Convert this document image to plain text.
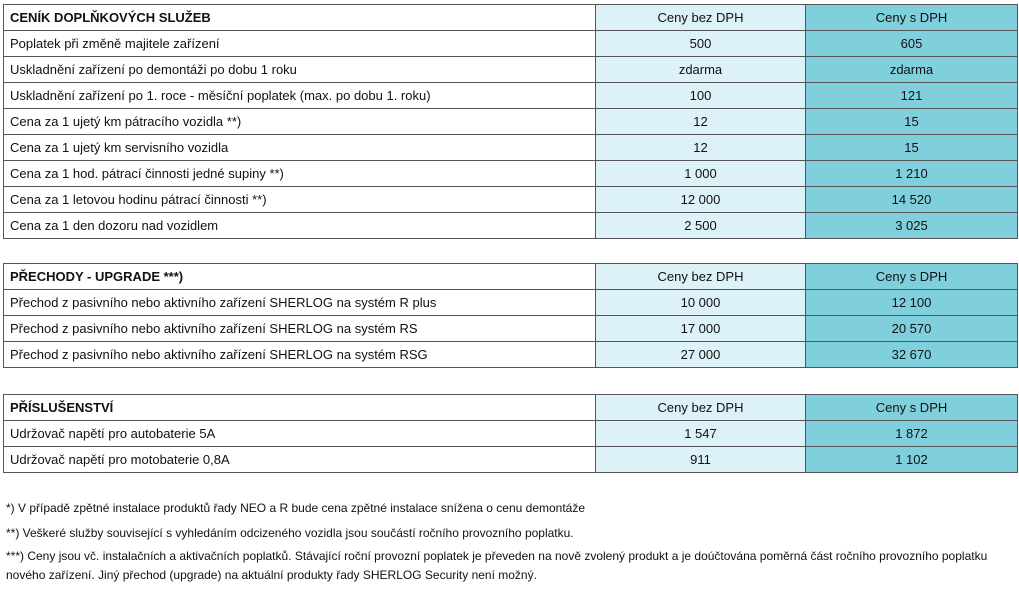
CENÍK DOPLŇKOVÝCH SLUŽEB	Ceny bez DPH	Ceny s DPH
Poplatek při změně majitele zařízení	500	605
Uskladnění zařízení po demontáži po dobu 1 roku	zdarma	zdarma
Uskladnění zařízení po 1. roce - měsíční poplatek (max. po dobu 1. roku)	100	121
Cena za 1 ujetý km pátracího vozidla **)	12	15
Cena za 1 ujetý km servisního vozidla	12	15
Cena za 1 hod. pátrací činnosti jedné supiny **)	1 000	1 210
Cena za 1 letovou hodinu pátrací činnosti **)	12 000	14 520
Cena za 1 den dozoru nad vozidlem	2 500	3 025
PŘECHODY - UPGRADE ***)	Ceny bez DPH	Ceny s DPH
Přechod z pasivního nebo aktivního zařízení SHERLOG na systém R plus	10 000	12 100
Přechod z pasivního nebo aktivního zařízení SHERLOG na systém RS	17 000	20 570
Přechod z pasivního nebo aktivního zařízení SHERLOG na systém RSG	27 000	32 670
PŘÍSLUŠENSTVÍ	Ceny bez DPH	Ceny s DPH
Udržovač napětí pro autobaterie 5A	1 547	1 872
Udržovač napětí pro motobaterie 0,8A	911	1 102

*) V případě zpětné instalace produktů řady NEO a R bude cena zpětné instalace snížena o cenu demontáže

**) Veškeré služby související s vyhledáním odcizeného vozidla jsou součástí ročního provozního poplatku.

***) Ceny jsou vč. instalačních a aktivačních poplatků. Stávající roční provozní poplatek je převeden na nově zvolený produkt a je doúčtována poměrná část ročního provozního poplatku nového zařízení. Jiný přechod (upgrade) na aktuální produkty řady SHERLOG Security není možný.
